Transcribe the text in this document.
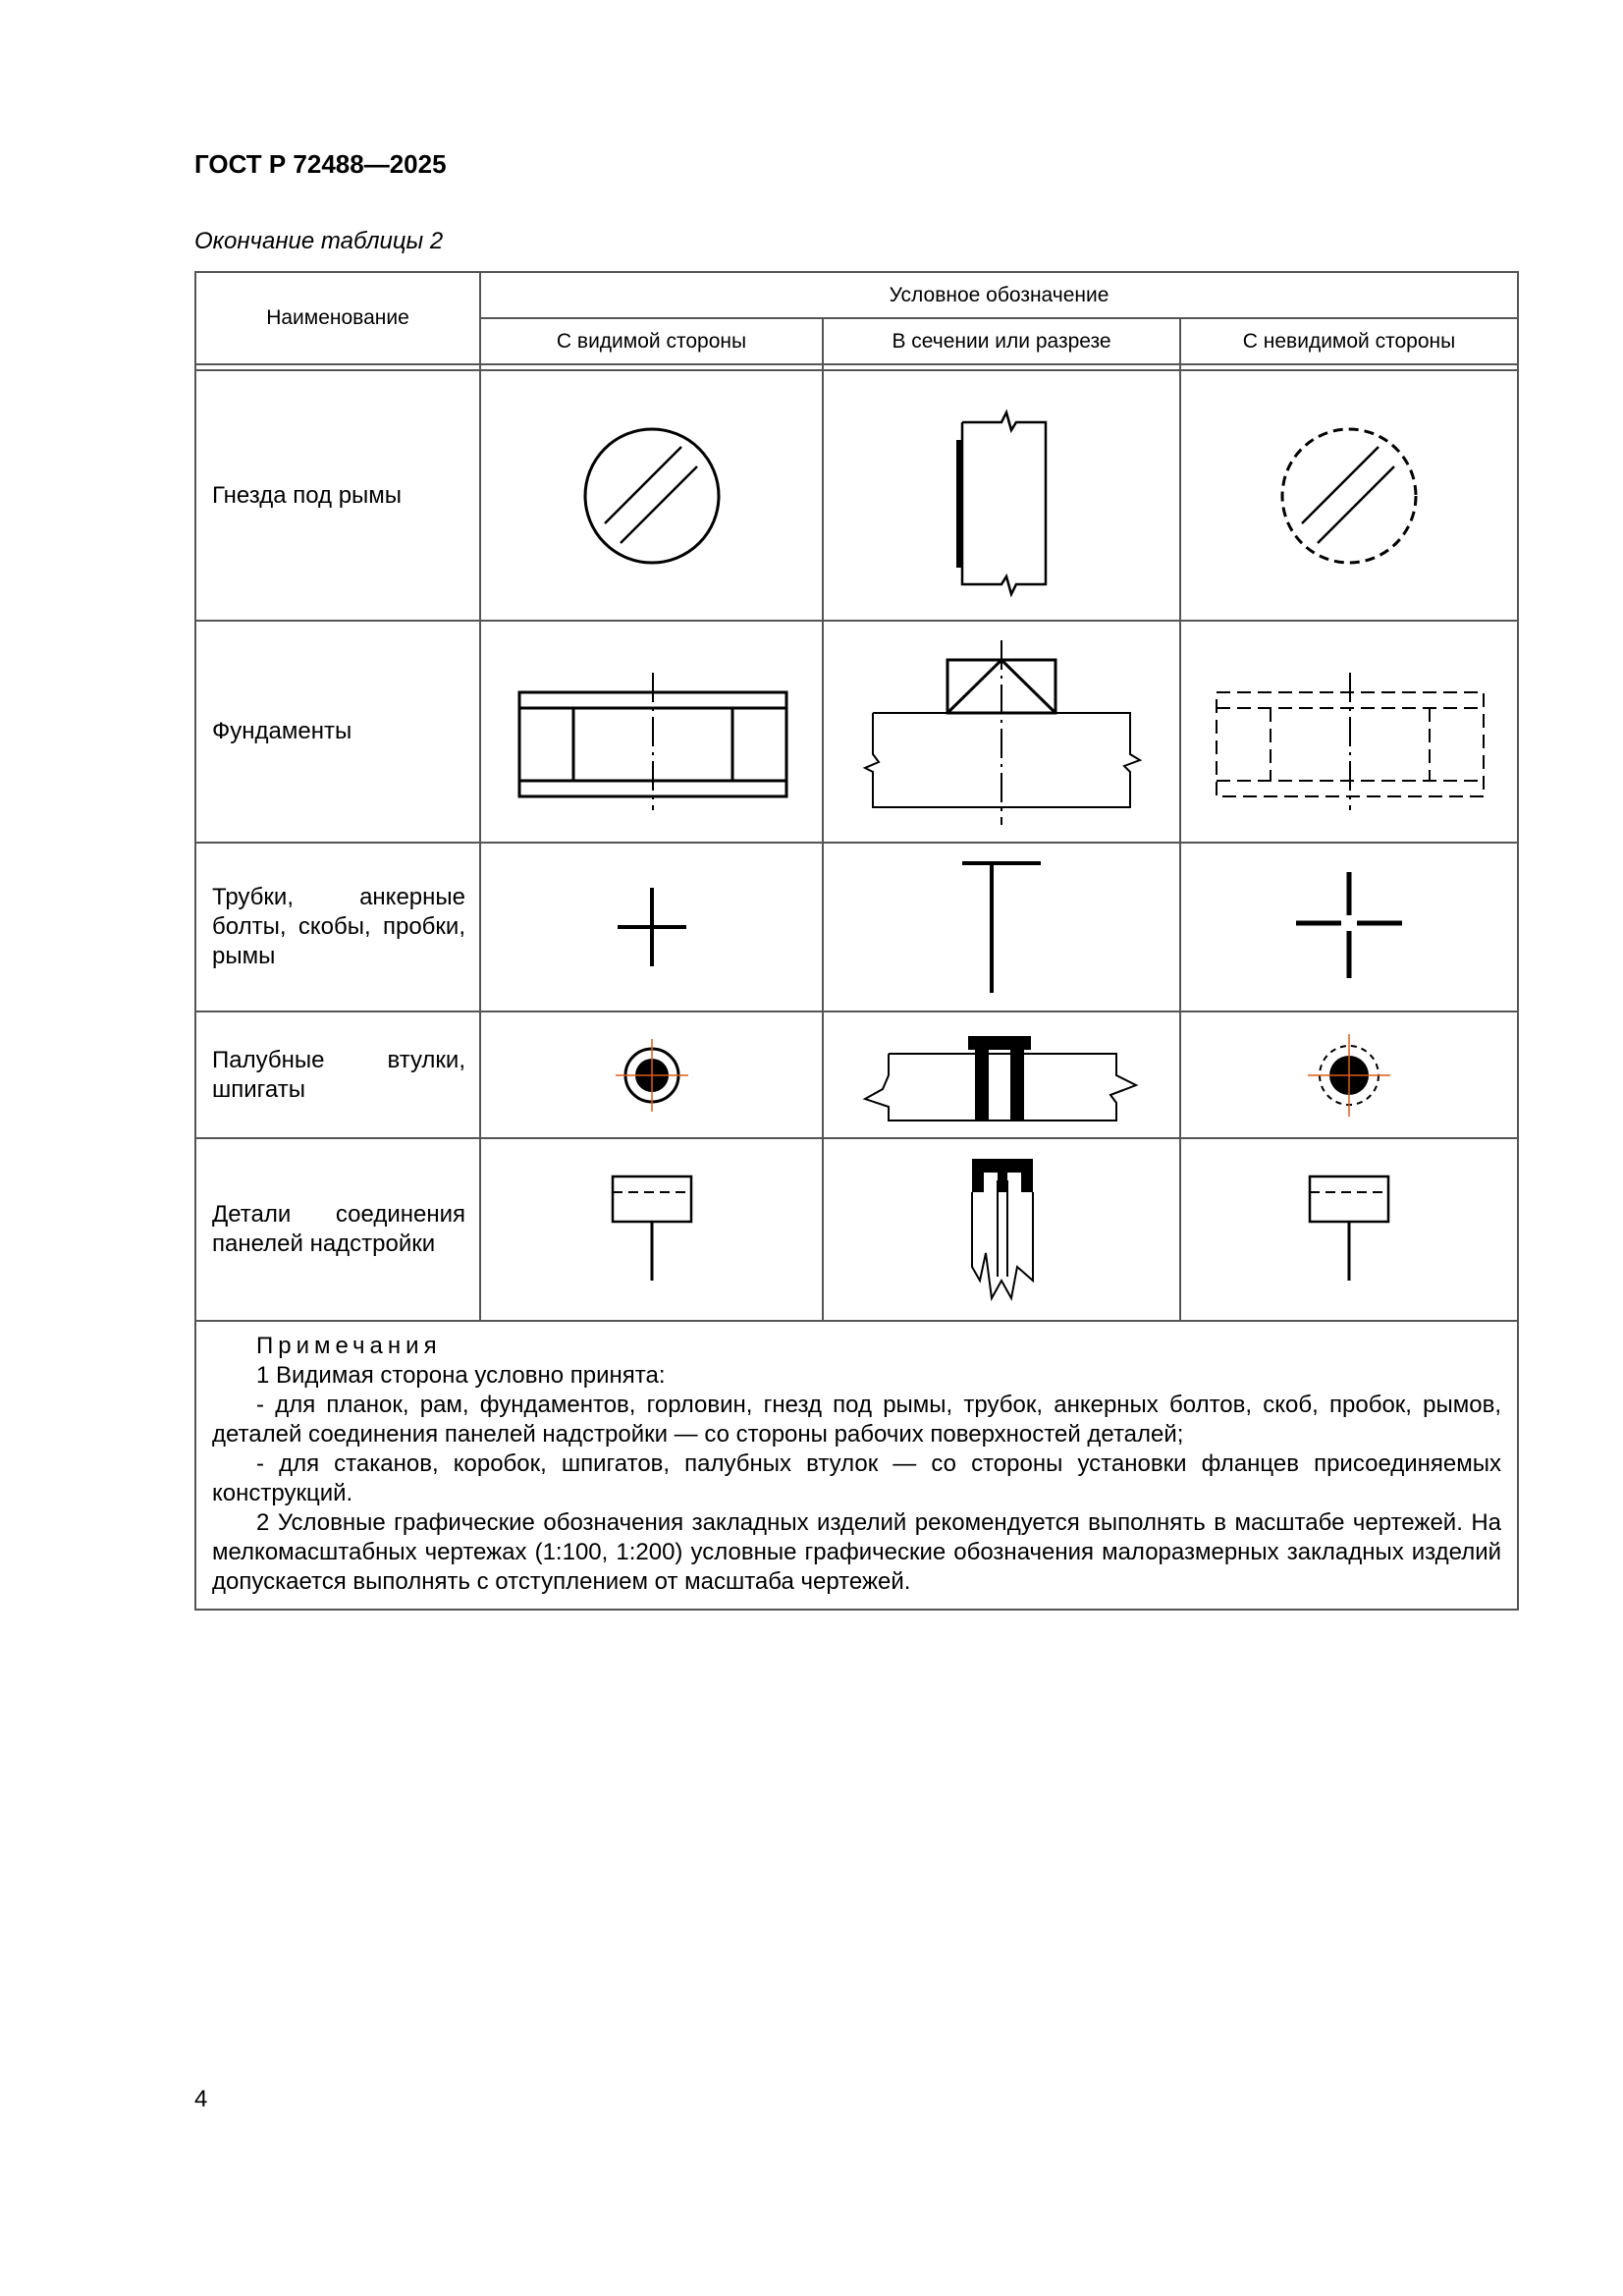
ГОСТ Р 72488—2025
Окончание таблицы 2
Наименование	Условное обозначение		
	С видимой стороны	В сечении или разрезе	С невидимой стороны

Гнезда под рымы	

Фундаменты	

Трубки, анкерные болты, скобы, пробки, рымы	

Палубные втулки, шпигаты	

Детали соединения панелей надстройки	

Примечания

1 Видимая сторона условно принята:

- для планок, рам, фундаментов, горловин, гнезд под рымы, трубок, анкерных болтов, скоб, пробок, рымов, деталей соединения панелей надстройки — со стороны рабочих поверхностей деталей;

- для стаканов, коробок, шпигатов, палубных втулок — со стороны установки фланцев присоединяемых конструкций.

2 Условные графические обозначения закладных изделий рекомендуется выполнять в масштабе чертежей. На мелкомасштабных чертежах (1:100, 1:200) условные графические обозначения малоразмерных закладных изделий допускается выполнять с отступлением от масштаба чертежей.			

4
